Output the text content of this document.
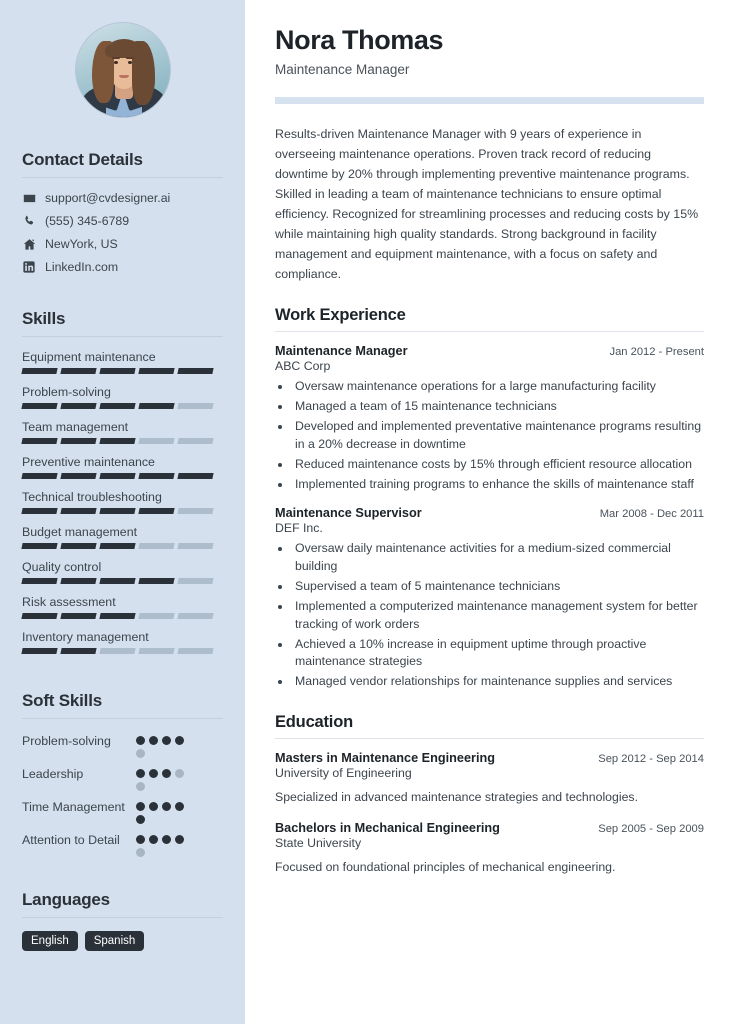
Contact Details
support@cvdesigner.ai
(555) 345-6789
NewYork, US
LinkedIn.com
Skills
Equipment maintenance
Problem-solving
Team management
Preventive maintenance
Technical troubleshooting
Budget management
Quality control
Risk assessment
Inventory management
Soft Skills
Problem-solving
Leadership
Time Management
Attention to Detail
Languages
English	Spanish
Nora Thomas
Maintenance Manager

Results-driven Maintenance Manager with 9 years of experience in overseeing maintenance operations. Proven track record of reducing downtime by 20% through implementing preventive maintenance programs. Skilled in leading a team of maintenance technicians to ensure optimal efficiency. Recognized for streamlining processes and reducing costs by 15% while maintaining high quality standards. Strong background in facility management and equipment maintenance, with a focus on safety and compliance.

Work Experience
Maintenance Manager	Jan 2012 - Present
ABC Corp
• Oversaw maintenance operations for a large manufacturing facility
• Managed a team of 15 maintenance technicians
• Developed and implemented preventative maintenance programs resulting in a 20% decrease in downtime
• Reduced maintenance costs by 15% through efficient resource allocation
• Implemented training programs to enhance the skills of maintenance staff
Maintenance Supervisor	Mar 2008 - Dec 2011
DEF Inc.
• Oversaw daily maintenance activities for a medium-sized commercial building
• Supervised a team of 5 maintenance technicians
• Implemented a computerized maintenance management system for better tracking of work orders
• Achieved a 10% increase in equipment uptime through proactive maintenance strategies
• Managed vendor relationships for maintenance supplies and services
Education
Masters in Maintenance Engineering	Sep 2012 - Sep 2014
University of Engineering
Specialized in advanced maintenance strategies and technologies.
Bachelors in Mechanical Engineering	Sep 2005 - Sep 2009
State University
Focused on foundational principles of mechanical engineering.
